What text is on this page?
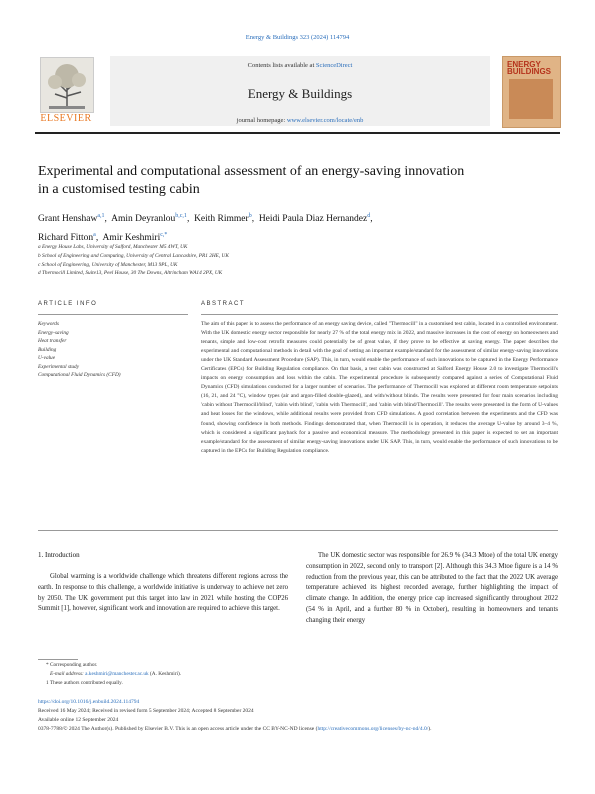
Energy & Buildings 323 (2024) 114794
ELSEVIER
Contents lists available at ScienceDirect
Energy & Buildings
journal homepage: www.elsevier.com/locate/enb
ENERGY BUILDINGS
Experimental and computational assessment of an energy-saving innovation in a customised testing cabin
Grant Henshaw$^{a,1}$,  Amin Deyranlou$^{b,c,1}$,  Keith Rimmer$^b$,  Heidi Paula Diaz Hernandez$^d$,
Richard Fitton$^a$,  Amir Keshmiri$^{c,*}$
a Energy House Labs, University of Salford, Manchester M5 4WT, UK
b School of Engineering and Computing, University of Central Lancashire, PR1 2HE, UK
c School of Engineering, University of Manchester, M13 9PL, UK
d Thermocill Limited, Suite13, Peel House, 30 The Downs, Altrincham WA14 2PX, UK
ARTICLE INFO	ABSTRACT
Keywords
Energy-saving
Heat transfer
Building
U-value
Experimental study
Computational Fluid Dynamics (CFD)
The aim of this paper is to assess the performance of an energy saving device, called "Thermocill" in a customised test cabin, located in a controlled environment. With the UK domestic energy sector responsible for nearly 27 % of the total energy mix in 2022, and massive increases in the cost of energy on homeowners and tenants, simple and low-cost retrofit measures could potentially be of great value, if they prove to be effective at saving energy. The paper describes the experimental and computational methods in detail with the goal of setting an important example/standard for the assessment of similar energy-saving innovations under the UK Standard Assessment Procedure (SAP). This, in turn, would enable the performance of such innovations to be captured in the Energy Performance Certificates (EPCs) for Building Regulation compliance. On that basis, a test cabin was constructed at Salford Energy House 2.0 to investigate Thermocill's impacts on energy consumption and loss within the cabin. The experimental procedure is subsequently compared against a series of Computational Fluid Dynamics (CFD) simulations conducted for a larger number of scenarios. The performance of Thermocill was explored at different room temperature setpoints (16, 21, and 24 °C), window types (air and argon-filled double-glazed), and with/without blinds. The results were presented for four main scenarios including 'cabin without Thermocill/blind', 'cabin with blind', 'cabin with Thermocill', and 'cabin with blind/Thermocill'. The results were presented in the form of U-values and heat losses for the windows, while additional results were provided from CFD simulations. A good correlation between the experiments and the CFD was found, showing confidence in both methods. Findings demonstrated that, when Thermocill is in operation, it reduces the average U-value by around 3–4 %, which is considered a significant payback for a passive and economical measure. The methodology presented in this paper is expected to set an important example/standard for the assessment of similar energy-saving innovations under UK SAP. This, in turn, would enable the performance of such innovations to be captured in the EPCs for Building Regulation compliance.
1. Introduction
Global warming is a worldwide challenge which threatens different regions across the earth. In response to this challenge, a worldwide initiative is underway to achieve net zero by 2050. The UK government put this target into law in 2021 while hosting the COP26 Summit [1], however, significant work and innovation are required to achieve this target.
The UK domestic sector was responsible for 26.9 % (34.3 Mtoe) of the total UK energy consumption in 2022, second only to transport [2]. Although this 34.3 Mtoe figure is a 14 % reduction from the previous year, this can be attributed to the fact that the 2022 UK average temperature achieved its highest recorded average, further highlighting the impact of climate change. In addition, the energy price cap increased significantly throughout 2022 (54 % in April, and a further 80 % in October), resulting in homeowners and tenants changing their energy
* Corresponding author.
E-mail address: a.keshmiri@manchester.ac.uk (A. Keshmiri).
1 These authors contributed equally.
https://doi.org/10.1016/j.enbuild.2024.114794
Received 16 May 2024; Received in revised form 5 September 2024; Accepted 8 September 2024
Available online 12 September 2024
0378-7788/© 2024 The Author(s). Published by Elsevier B.V. This is an open access article under the CC BY-NC-ND license (http://creativecommons.org/licenses/by-nc-nd/4.0/).
